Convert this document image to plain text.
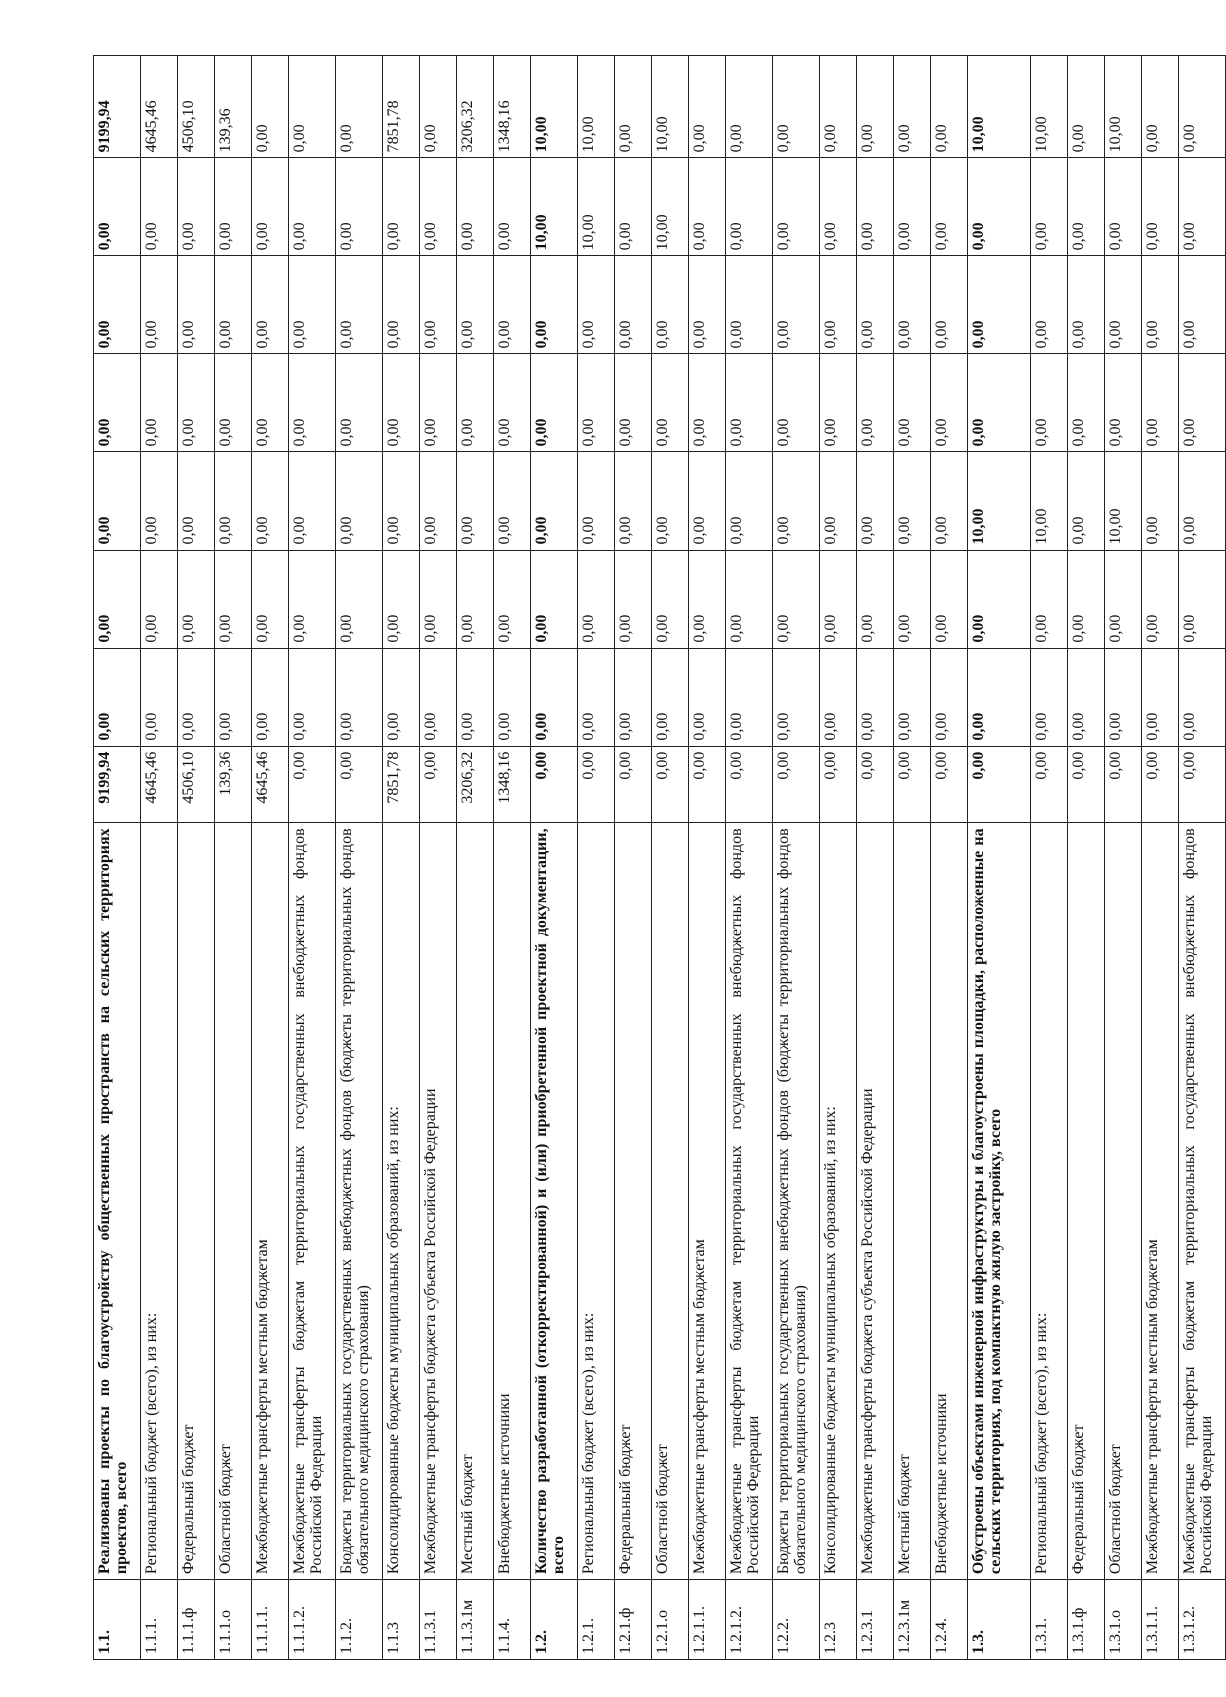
1.1.	Реализованы проекты по благоустройству общественных пространств на сельских территориях проектов, всего	9199,94	0,00	0,00	0,00	0,00	0,00	0,00	9199,94
1.1.1.	Региональный бюджет (всего), из них:	4645,46	0,00	0,00	0,00	0,00	0,00	0,00	4645,46
1.1.1.ф	Федеральный бюджет	4506,10	0,00	0,00	0,00	0,00	0,00	0,00	4506,10
1.1.1.о	Областной бюджет	139,36	0,00	0,00	0,00	0,00	0,00	0,00	139,36
1.1.1.1.	Межбюджетные трансферты местным бюджетам	4645,46	0,00	0,00	0,00	0,00	0,00	0,00	0,00
1.1.1.2.	Межбюджетные трансферты бюджетам территориальных государственных внебюджетных фондов Российской Федерации	0,00	0,00	0,00	0,00	0,00	0,00	0,00	0,00
1.1.2.	Бюджеты территориальных государственных внебюджетных фондов (бюджеты территориальных фондов обязательного медицинского страхования)	0,00	0,00	0,00	0,00	0,00	0,00	0,00	0,00
1.1.3	Консолидированные бюджеты муниципальных образований, из них:	7851,78	0,00	0,00	0,00	0,00	0,00	0,00	7851,78
1.1.3.1	Межбюджетные трансферты бюджета субъекта Российской Федерации	0,00	0,00	0,00	0,00	0,00	0,00	0,00	0,00
1.1.3.1м	Местный бюджет	3206,32	0,00	0,00	0,00	0,00	0,00	0,00	3206,32
1.1.4.	Внебюджетные источники	1348,16	0,00	0,00	0,00	0,00	0,00	0,00	1348,16
1.2.	Количество разработанной (откорректированной) и (или) приобретенной проектной документации, всего	0,00	0,00	0,00	0,00	0,00	0,00	10,00	10,00
1.2.1.	Региональный бюджет (всего), из них:	0,00	0,00	0,00	0,00	0,00	0,00	10,00	10,00
1.2.1.ф	Федеральный бюджет	0,00	0,00	0,00	0,00	0,00	0,00	0,00	0,00
1.2.1.о	Областной бюджет	0,00	0,00	0,00	0,00	0,00	0,00	10,00	10,00
1.2.1.1.	Межбюджетные трансферты местным бюджетам	0,00	0,00	0,00	0,00	0,00	0,00	0,00	0,00
1.2.1.2.	Межбюджетные трансферты бюджетам территориальных государственных внебюджетных фондов Российской Федерации	0,00	0,00	0,00	0,00	0,00	0,00	0,00	0,00
1.2.2.	Бюджеты территориальных государственных внебюджетных фондов (бюджеты территориальных фондов обязательного медицинского страхования)	0,00	0,00	0,00	0,00	0,00	0,00	0,00	0,00
1.2.3	Консолидированные бюджеты муниципальных образований, из них:	0,00	0,00	0,00	0,00	0,00	0,00	0,00	0,00
1.2.3.1	Межбюджетные трансферты бюджета субъекта Российской Федерации	0,00	0,00	0,00	0,00	0,00	0,00	0,00	0,00
1.2.3.1м	Местный бюджет	0,00	0,00	0,00	0,00	0,00	0,00	0,00	0,00
1.2.4.	Внебюджетные источники	0,00	0,00	0,00	0,00	0,00	0,00	0,00	0,00
1.3.	Обустроены объектами инженерной инфраструктуры и благоустроены площадки, расположенные на сельских территориях, под компактную жилую застройку, всего	0,00	0,00	0,00	10,00	0,00	0,00	0,00	10,00
1.3.1.	Региональный бюджет (всего), из них:	0,00	0,00	0,00	10,00	0,00	0,00	0,00	10,00
1.3.1.ф	Федеральный бюджет	0,00	0,00	0,00	0,00	0,00	0,00	0,00	0,00
1.3.1.о	Областной бюджет	0,00	0,00	0,00	10,00	0,00	0,00	0,00	10,00
1.3.1.1.	Межбюджетные трансферты местным бюджетам	0,00	0,00	0,00	0,00	0,00	0,00	0,00	0,00
1.3.1.2.	Межбюджетные трансферты бюджетам территориальных государственных внебюджетных фондов Российской Федерации	0,00	0,00	0,00	0,00	0,00	0,00	0,00	0,00
